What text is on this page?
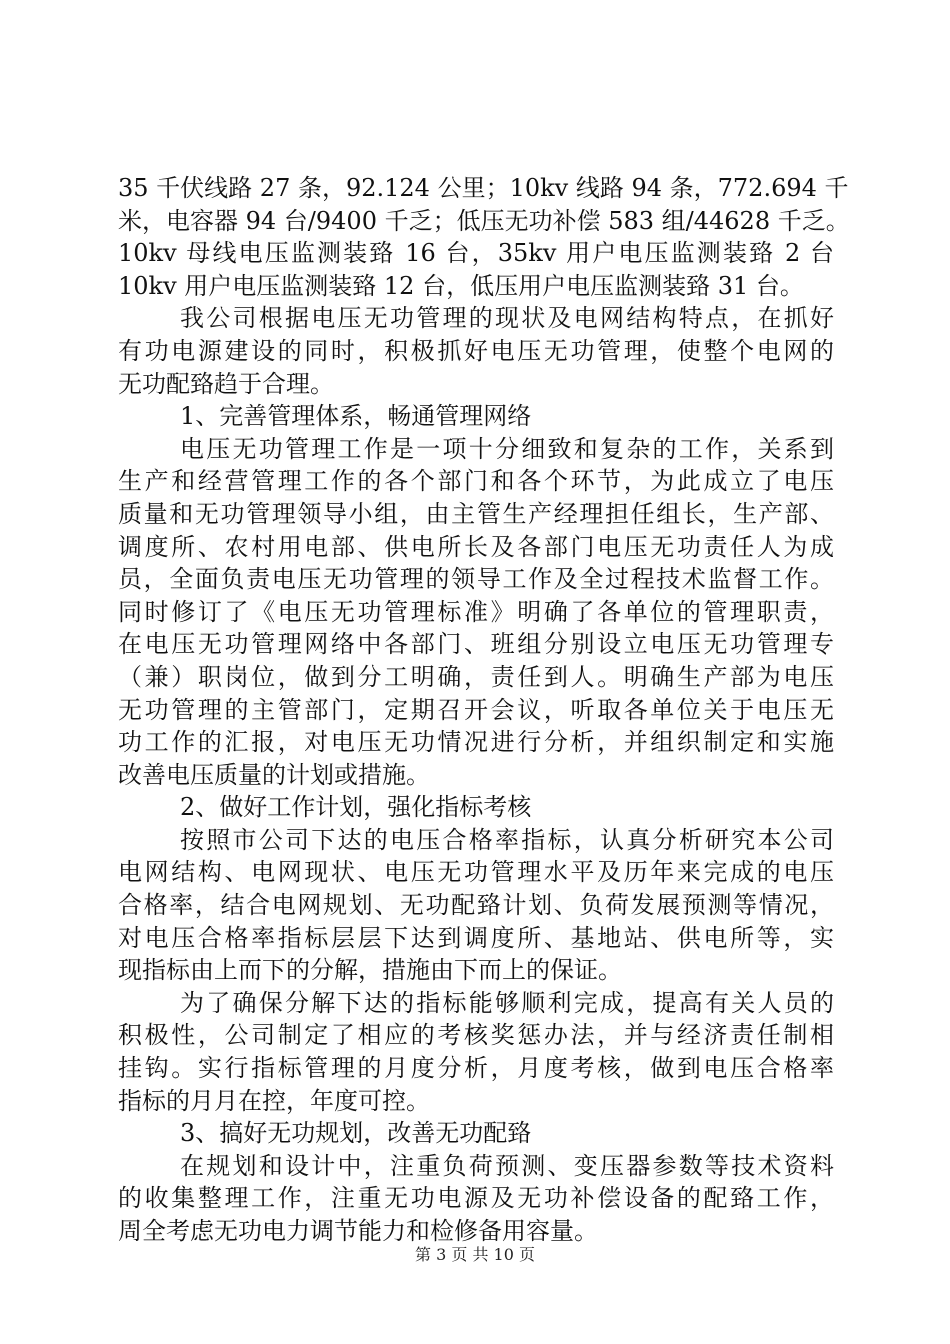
35 千伏线路 27 条，92.124 公里；10kv 线路 94 条，772.694 千
米，电容器 94 台/9400 千乏；低压无功补偿 583 组/44628 千乏。
10kv 母线电压监测装臵 16 台，35kv 用户电压监测装臵 2 台
10kv 用户电压监测装臵 12 台，低压用户电压监测装臵 31 台。
我公司根据电压无功管理的现状及电网结构特点，在抓好
有功电源建设的同时，积极抓好电压无功管理，使整个电网的
无功配臵趋于合理。
1、完善管理体系，畅通管理网络
电压无功管理工作是一项十分细致和复杂的工作，关系到
生产和经营管理工作的各个部门和各个环节，为此成立了电压
质量和无功管理领导小组，由主管生产经理担任组长，生产部、
调度所、农村用电部、供电所长及各部门电压无功责任人为成
员，全面负责电压无功管理的领导工作及全过程技术监督工作。
同时修订了《电压无功管理标准》明确了各单位的管理职责，
在电压无功管理网络中各部门、班组分别设立电压无功管理专
（兼）职岗位，做到分工明确，责任到人。明确生产部为电压
无功管理的主管部门，定期召开会议，听取各单位关于电压无
功工作的汇报，对电压无功情况进行分析，并组织制定和实施
改善电压质量的计划或措施。
2、做好工作计划，强化指标考核
按照市公司下达的电压合格率指标，认真分析研究本公司
电网结构、电网现状、电压无功管理水平及历年来完成的电压
合格率，结合电网规划、无功配臵计划、负荷发展预测等情况，
对电压合格率指标层层下达到调度所、基地站、供电所等，实
现指标由上而下的分解，措施由下而上的保证。
为了确保分解下达的指标能够顺利完成，提高有关人员的
积极性，公司制定了相应的考核奖惩办法，并与经济责任制相
挂钩。实行指标管理的月度分析，月度考核，做到电压合格率
指标的月月在控，年度可控。
3、搞好无功规划，改善无功配臵
在规划和设计中，注重负荷预测、变压器参数等技术资料
的收集整理工作，注重无功电源及无功补偿设备的配臵工作，
周全考虑无功电力调节能力和检修备用容量。
第 3 页 共 10 页
